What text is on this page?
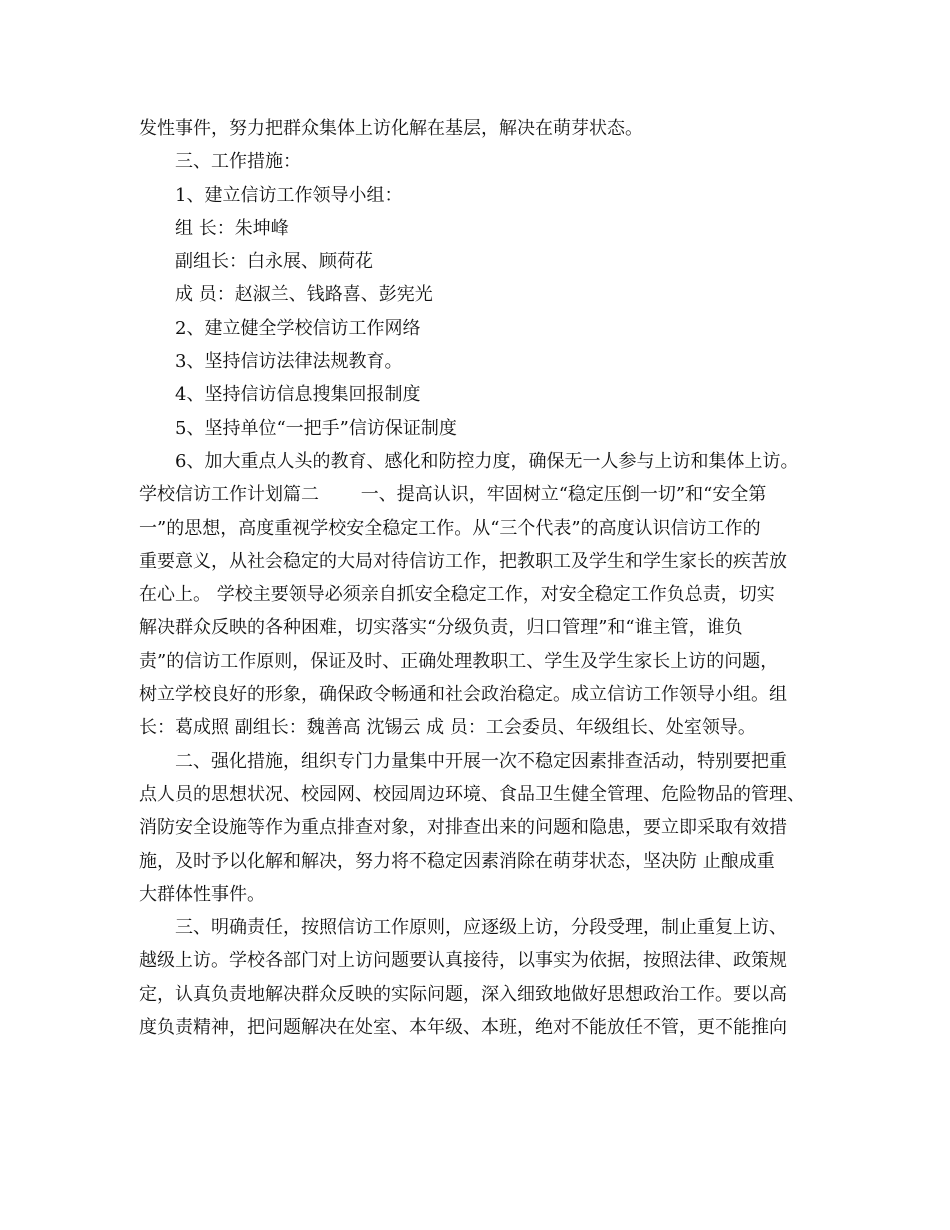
发性事件，努力把群众集体上访化解在基层，解决在萌芽状态。
三、工作措施：
1、建立信访工作领导小组：
组 长：朱坤峰
副组长：白永展、顾荷花
成 员：赵淑兰、钱路喜、彭宪光
2、建立健全学校信访工作网络
3、坚持信访法律法规教育。
4、坚持信访信息搜集回报制度
5、坚持单位“一把手”信访保证制度
6、加大重点人头的教育、感化和防控力度，确保无一人参与上访和集体上访。
学校信访工作计划篇二　　 一、提高认识，牢固树立“稳定压倒一切”和“安全第
一”的思想，高度重视学校安全稳定工作。从“三个代表”的高度认识信访工作的
重要意义，从社会稳定的大局对待信访工作，把教职工及学生和学生家长的疾苦放
在心上。 学校主要领导必须亲自抓安全稳定工作，对安全稳定工作负总责，切实
解决群众反映的各种困难，切实落实“分级负责，归口管理”和“谁主管，谁负
责”的信访工作原则，保证及时、正确处理教职工、学生及学生家长上访的问题，
树立学校良好的形象，确保政令畅通和社会政治稳定。成立信访工作领导小组。组
长：葛成照 副组长：魏善高 沈锡云 成 员：工会委员、年级组长、处室领导。
二、强化措施，组织专门力量集中开展一次不稳定因素排查活动，特别要把重
点人员的思想状况、校园网、校园周边环境、食品卫生健全管理、危险物品的管理、
消防安全设施等作为重点排查对象，对排查出来的问题和隐患，要立即采取有效措
施，及时予以化解和解决，努力将不稳定因素消除在萌芽状态，坚决防 止酿成重
大群体性事件。
三、明确责任，按照信访工作原则，应逐级上访，分段受理，制止重复上访、
越级上访。学校各部门对上访问题要认真接待，以事实为依据，按照法律、政策规
定，认真负责地解决群众反映的实际问题，深入细致地做好思想政治工作。要以高
度负责精神，把问题解决在处室、本年级、本班，绝对不能放任不管，更不能推向
